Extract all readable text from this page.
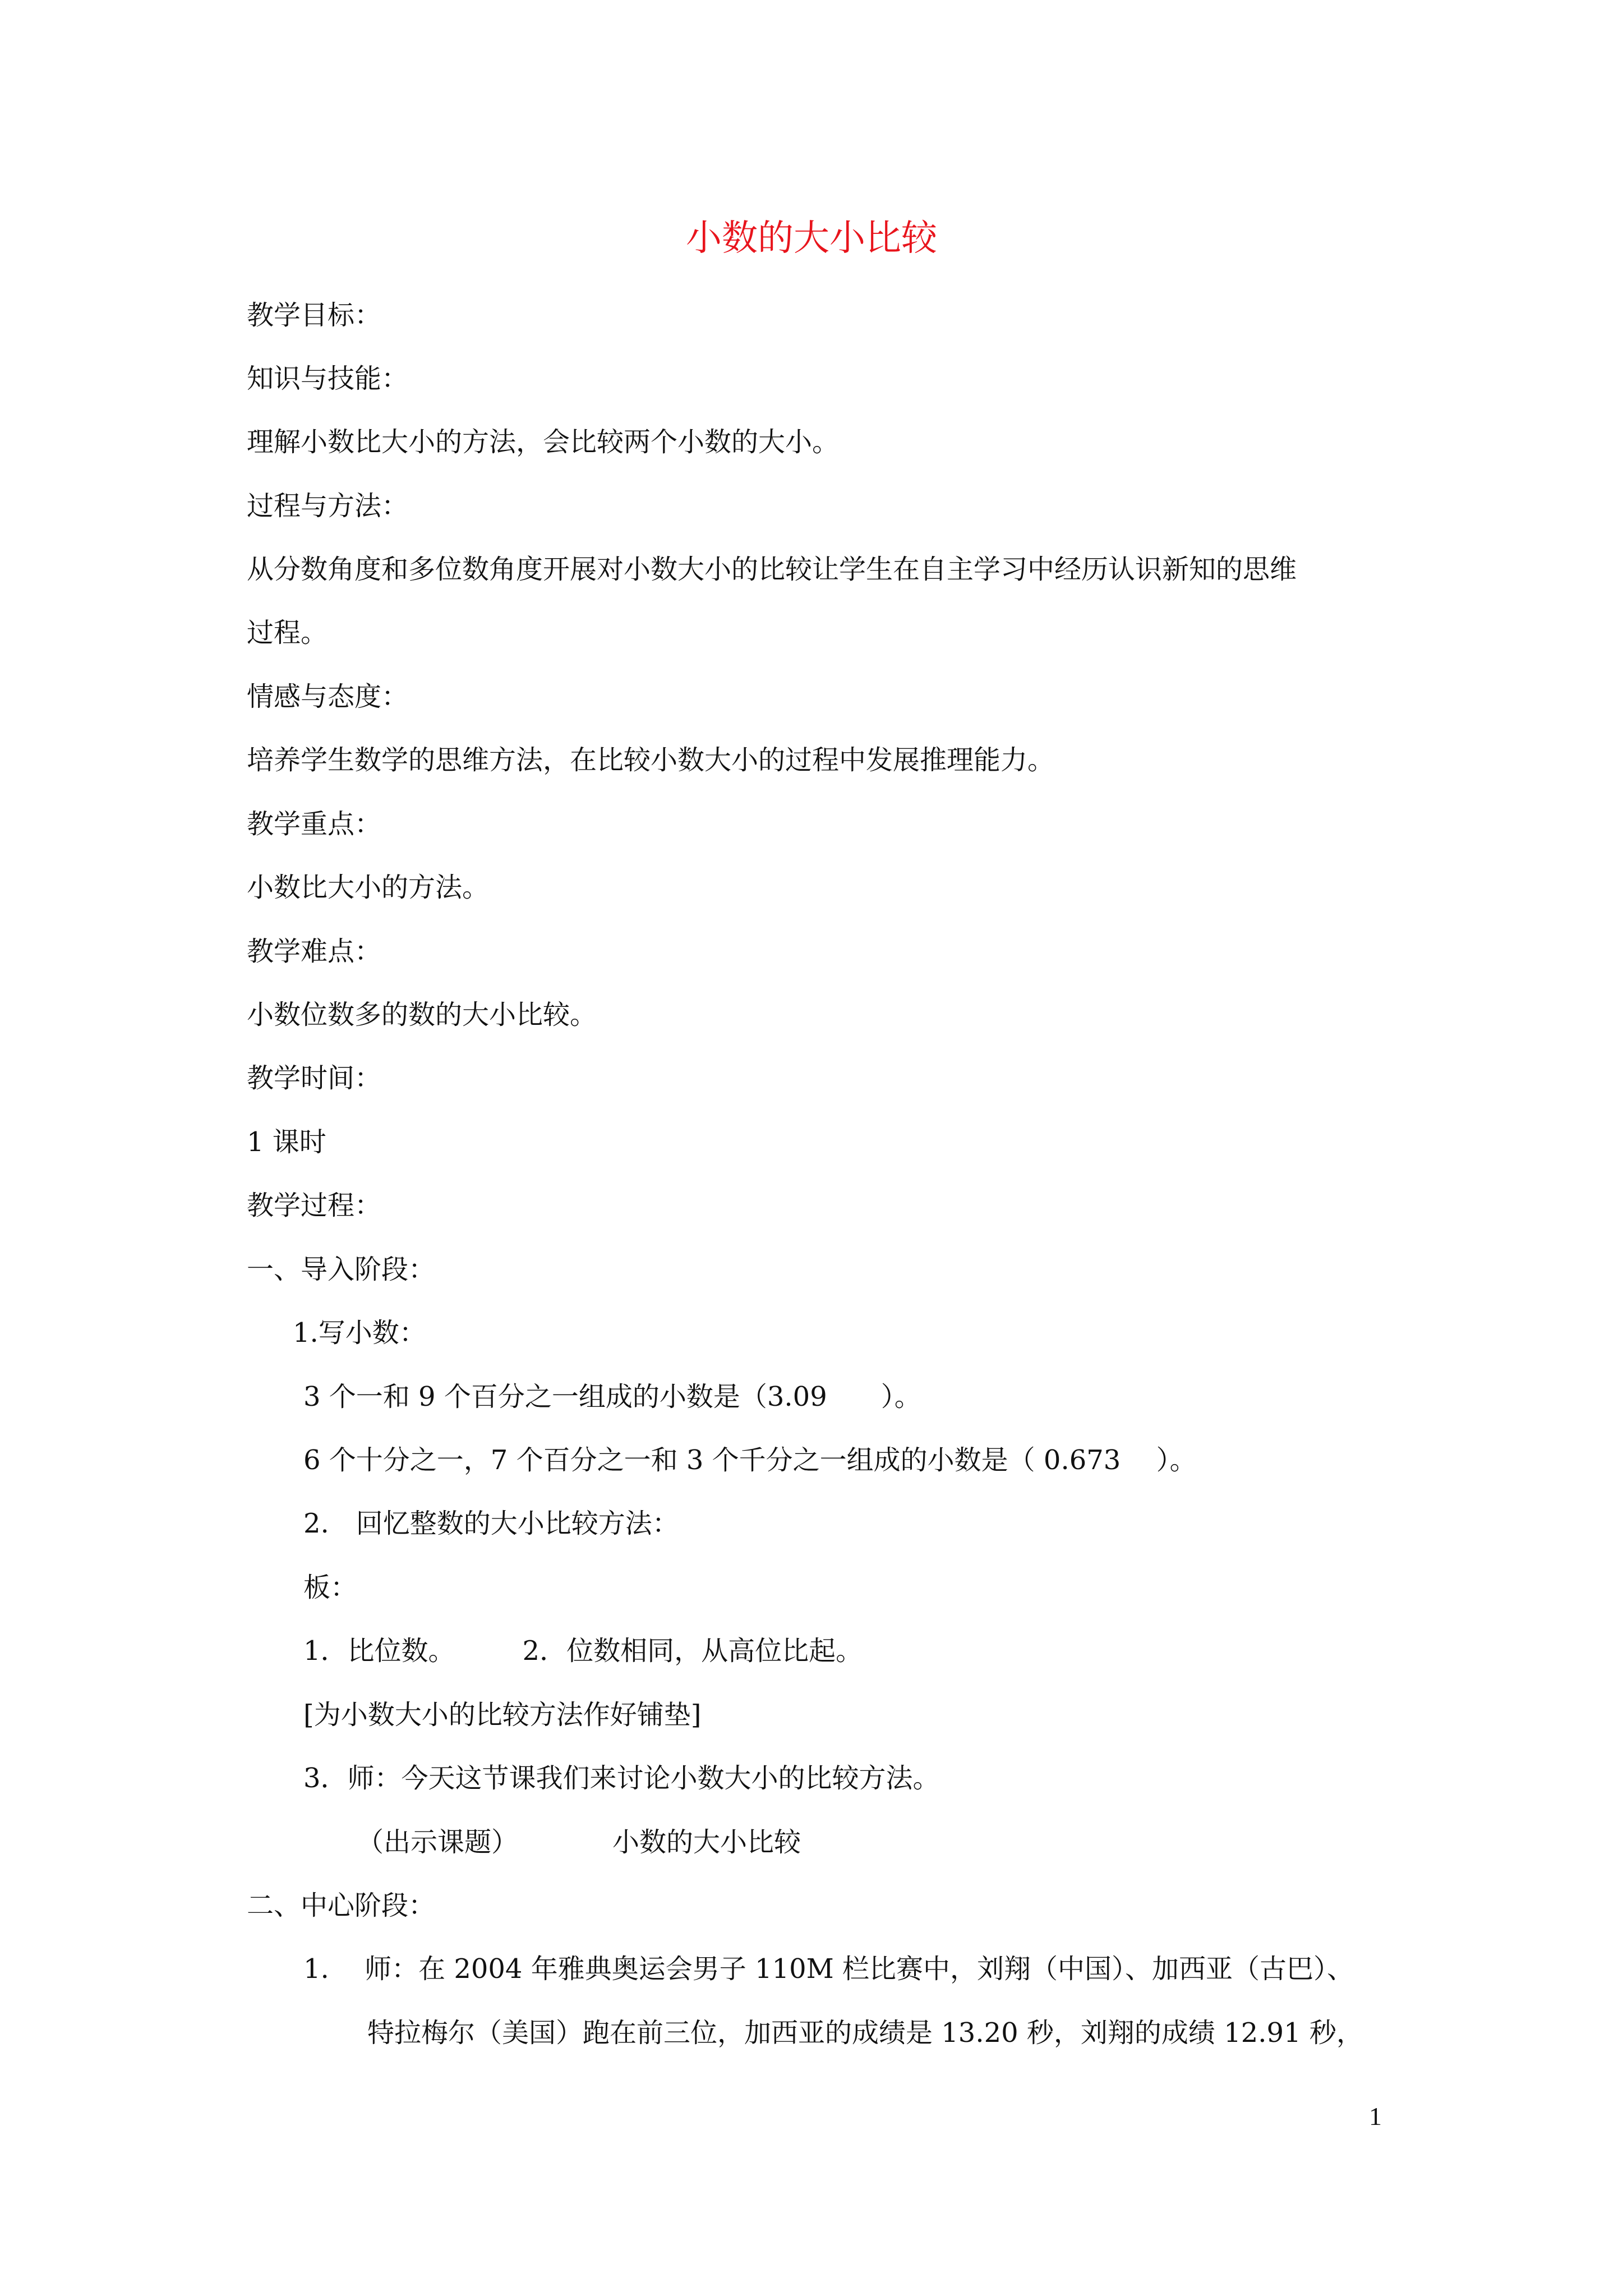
小数的大小比较
教学目标：
知识与技能：
理解小数比大小的方法，会比较两个小数的大小。
过程与方法：
从分数角度和多位数角度开展对小数大小的比较让学生在自主学习中经历认识新知的思维
过程。
情感与态度：
培养学生数学的思维方法，在比较小数大小的过程中发展推理能力。
教学重点：
小数比大小的方法。
教学难点：
小数位数多的数的大小比较。
教学时间：
1 课时
教学过程：
一、导入阶段：
1.写小数：
3 个一和 9 个百分之一组成的小数是（3.09　　）。
6 个十分之一，7 个百分之一和 3 个千分之一组成的小数是（ 0.673　 ）。
2.　回忆整数的大小比较方法：
板：
1．比位数。　　　2．位数相同，从高位比起。
[为小数大小的比较方法作好铺垫]
3．师：今天这节课我们来讨论小数大小的比较方法。
（出示课题）　　　　小数的大小比较
二、中心阶段：
1.　 师：在 2004 年雅典奥运会男子 110M 栏比赛中，刘翔（中国）、加西亚（古巴）、
特拉梅尔（美国）跑在前三位，加西亚的成绩是 13.20 秒，刘翔的成绩 12.91 秒，
1
